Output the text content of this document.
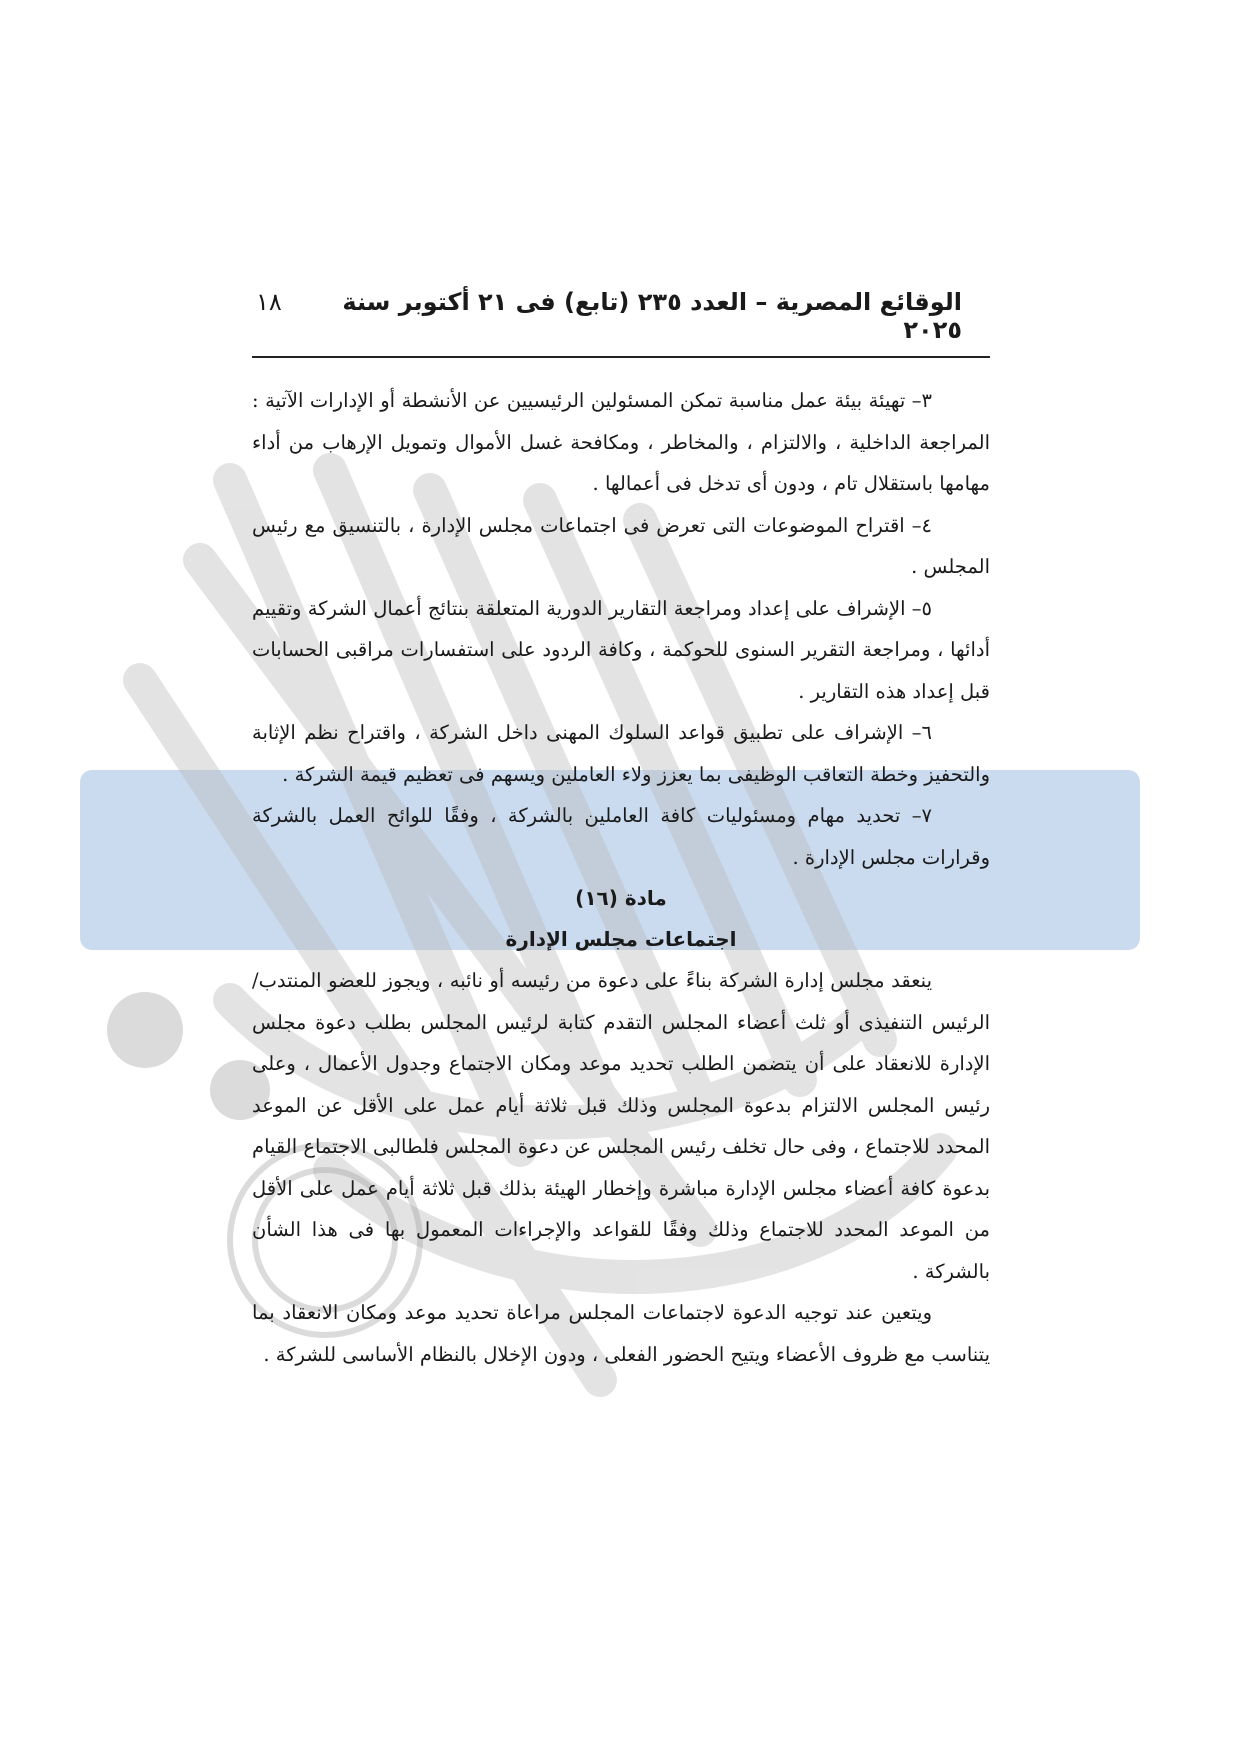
الوقائع المصرية – العدد ٢٣٥ (تابع) فى ٢١ أكتوبر سنة ٢٠٢٥
١٨

٣– تهيئة بيئة عمل مناسبة تمكن المسئولين الرئيسيين عن الأنشطة أو الإدارات الآتية : المراجعة الداخلية ، والالتزام ، والمخاطر ، ومكافحة غسل الأموال وتمويل الإرهاب من أداء مهامها باستقلال تام ، ودون أى تدخل فى أعمالها .

٤– اقتراح الموضوعات التى تعرض فى اجتماعات مجلس الإدارة ، بالتنسيق مع رئيس المجلس .

٥– الإشراف على إعداد ومراجعة التقارير الدورية المتعلقة بنتائج أعمال الشركة وتقييم أدائها ، ومراجعة التقرير السنوى للحوكمة ، وكافة الردود على استفسارات مراقبى الحسابات قبل إعداد هذه التقارير .

٦– الإشراف على تطبيق قواعد السلوك المهنى داخل الشركة ، واقتراح نظم الإثابة والتحفيز وخطة التعاقب الوظيفى بما يعزز ولاء العاملين ويسهم فى تعظيم قيمة الشركة .

٧– تحديد مهام ومسئوليات كافة العاملين بالشركة ، وفقًا للوائح العمل بالشركة وقرارات مجلس الإدارة .

مادة (١٦)

اجتماعات مجلس الإدارة

ينعقد مجلس إدارة الشركة بناءً على دعوة من رئيسه أو نائبه ، ويجوز للعضو المنتدب/ الرئيس التنفيذى أو ثلث أعضاء المجلس التقدم كتابة لرئيس المجلس بطلب دعوة مجلس الإدارة للانعقاد على أن يتضمن الطلب تحديد موعد ومكان الاجتماع وجدول الأعمال ، وعلى رئيس المجلس الالتزام بدعوة المجلس وذلك قبل ثلاثة أيام عمل على الأقل عن الموعد المحدد للاجتماع ، وفى حال تخلف رئيس المجلس عن دعوة المجلس فلطالبى الاجتماع القيام بدعوة كافة أعضاء مجلس الإدارة مباشرة وإخطار الهيئة بذلك قبل ثلاثة أيام عمل على الأقل من الموعد المحدد للاجتماع وذلك وفقًا للقواعد والإجراءات المعمول بها فى هذا الشأن بالشركة .

ويتعين عند توجيه الدعوة لاجتماعات المجلس مراعاة تحديد موعد ومكان الانعقاد بما يتناسب مع ظروف الأعضاء ويتيح الحضور الفعلى ، ودون الإخلال بالنظام الأساسى للشركة .
